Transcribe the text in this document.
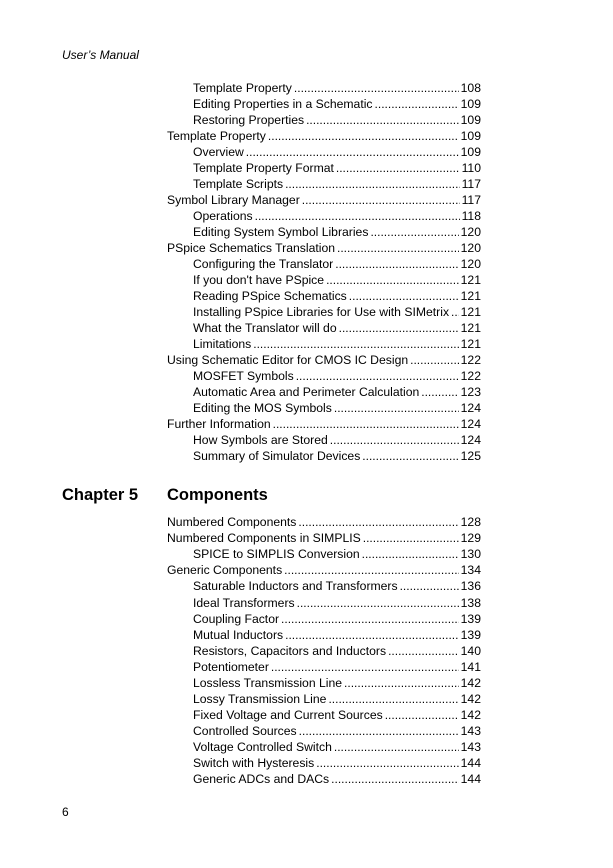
User’s Manual
Template Property .....	108
Editing Properties in a Schematic .....	109
Restoring Properties .....	109
Template Property .....	109
Overview .....	109
Template Property Format .....	110
Template Scripts .....	117
Symbol Library Manager .....	117
Operations .....	118
Editing System Symbol Libraries .....	120
PSpice Schematics Translation .....	120
Configuring the Translator .....	120
If you don't have PSpice .....	121
Reading PSpice Schematics .....	121
Installing PSpice Libraries for Use with SIMetrix ..... 121
What the Translator will do .....	121
Limitations .....	121
Using Schematic Editor for CMOS IC Design .....	122
MOSFET Symbols .....	122
Automatic Area and Perimeter Calculation .....	123
Editing the MOS Symbols .....	124
Further Information .....	124
How Symbols are Stored .....	124
Summary of Simulator Devices .....	125
Chapter 5 Components
Numbered Components .....	128
Numbered Components in SIMPLIS .....	129
SPICE to SIMPLIS Conversion .....	130
Generic Components .....	134
Saturable Inductors and Transformers .....	136
Ideal Transformers .....	138
Coupling Factor .....	139
Mutual Inductors .....	139
Resistors, Capacitors and Inductors .....	140
Potentiometer .....	141
Lossless Transmission Line .....	142
Lossy Transmission Line .....	142
Fixed Voltage and Current Sources .....	142
Controlled Sources .....	143
Voltage Controlled Switch .....	143
Switch with Hysteresis .....	144
Generic ADCs and DACs .....	144
6
